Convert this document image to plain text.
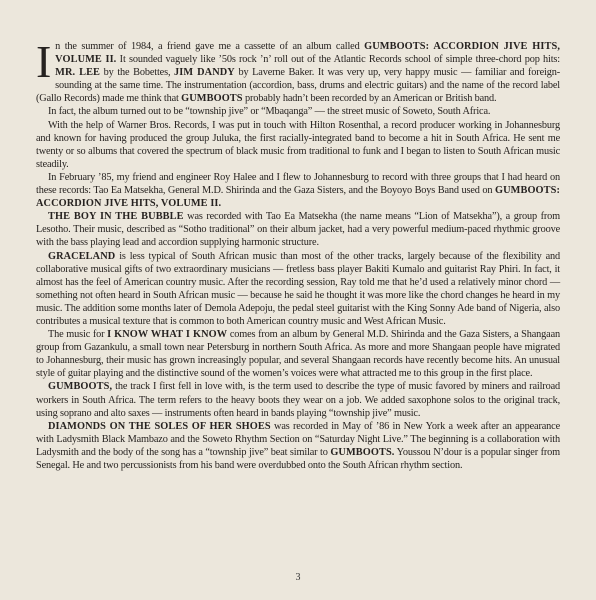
In the summer of 1984, a friend gave me a cassette of an album called GUMBOOTS: ACCORDION JIVE HITS, VOLUME II. It sounded vaguely like ’50s rock ’n’ roll out of the Atlantic Records school of simple three-chord pop hits: MR. LEE by the Bobettes, JIM DANDY by Laverne Baker. It was very up, very happy music — familiar and foreign-sounding at the same time. The instrumentation (accordion, bass, drums and electric guitars) and the name of the record label (Gallo Records) made me think that GUMBOOTS probably hadn’t been recorded by an American or British band.

In fact, the album turned out to be “township jive” or “Mbaqanga” — the street music of Soweto, South Africa.

With the help of Warner Bros. Records, I was put in touch with Hilton Rosenthal, a record producer working in Johannesburg and known for having produced the group Juluka, the first racially-integrated band to become a hit in South Africa. He sent me twenty or so albums that covered the spectrum of black music from traditional to funk and I began to listen to South African music steadily.

In February ’85, my friend and engineer Roy Halee and I flew to Johannesburg to record with three groups that I had heard on these records: Tao Ea Matsekha, General M.D. Shirinda and the Gaza Sisters, and the Boyoyo Boys Band used on GUMBOOTS: ACCORDION JIVE HITS, VOLUME II.

THE BOY IN THE BUBBLE was recorded with Tao Ea Matsekha (the name means “Lion of Matsekha”), a group from Lesotho. Their music, described as “Sotho traditional” on their album jacket, had a very powerful medium-paced rhythmic groove with the bass playing lead and accordion supplying harmonic structure.

GRACELAND is less typical of South African music than most of the other tracks, largely because of the flexibility and collaborative musical gifts of two extraordinary musicians — fretless bass player Bakiti Kumalo and guitarist Ray Phiri. In fact, it almost has the feel of American country music. After the recording session, Ray told me that he’d used a relatively minor chord — something not often heard in South African music — because he said he thought it was more like the chord changes he heard in my music. The addition some months later of Demola Adepoju, the pedal steel guitarist with the King Sonny Ade band of Nigeria, also contributes a musical texture that is common to both American country music and West African Music.

The music for I KNOW WHAT I KNOW comes from an album by General M.D. Shirinda and the Gaza Sisters, a Shangaan group from Gazankulu, a small town near Petersburg in northern South Africa. As more and more Shangaan people have migrated to Johannesburg, their music has grown increasingly popular, and several Shangaan records have recently become hits. An unusual style of guitar playing and the distinctive sound of the women’s voices were what attracted me to this group in the first place.

GUMBOOTS, the track I first fell in love with, is the term used to describe the type of music favored by miners and railroad workers in South Africa. The term refers to the heavy boots they wear on a job. We added saxophone solos to the original track, using soprano and alto saxes — instruments often heard in bands playing “township jive” music.

DIAMONDS ON THE SOLES OF HER SHOES was recorded in May of ’86 in New York a week after an appearance with Ladysmith Black Mambazo and the Soweto Rhythm Section on “Saturday Night Live.” The beginning is a collaboration with Ladysmith and the body of the song has a “township jive” beat similar to GUMBOOTS. Youssou N’dour is a popular singer from Senegal. He and two percussionists from his band were overdubbed onto the South African rhythm section.

3
